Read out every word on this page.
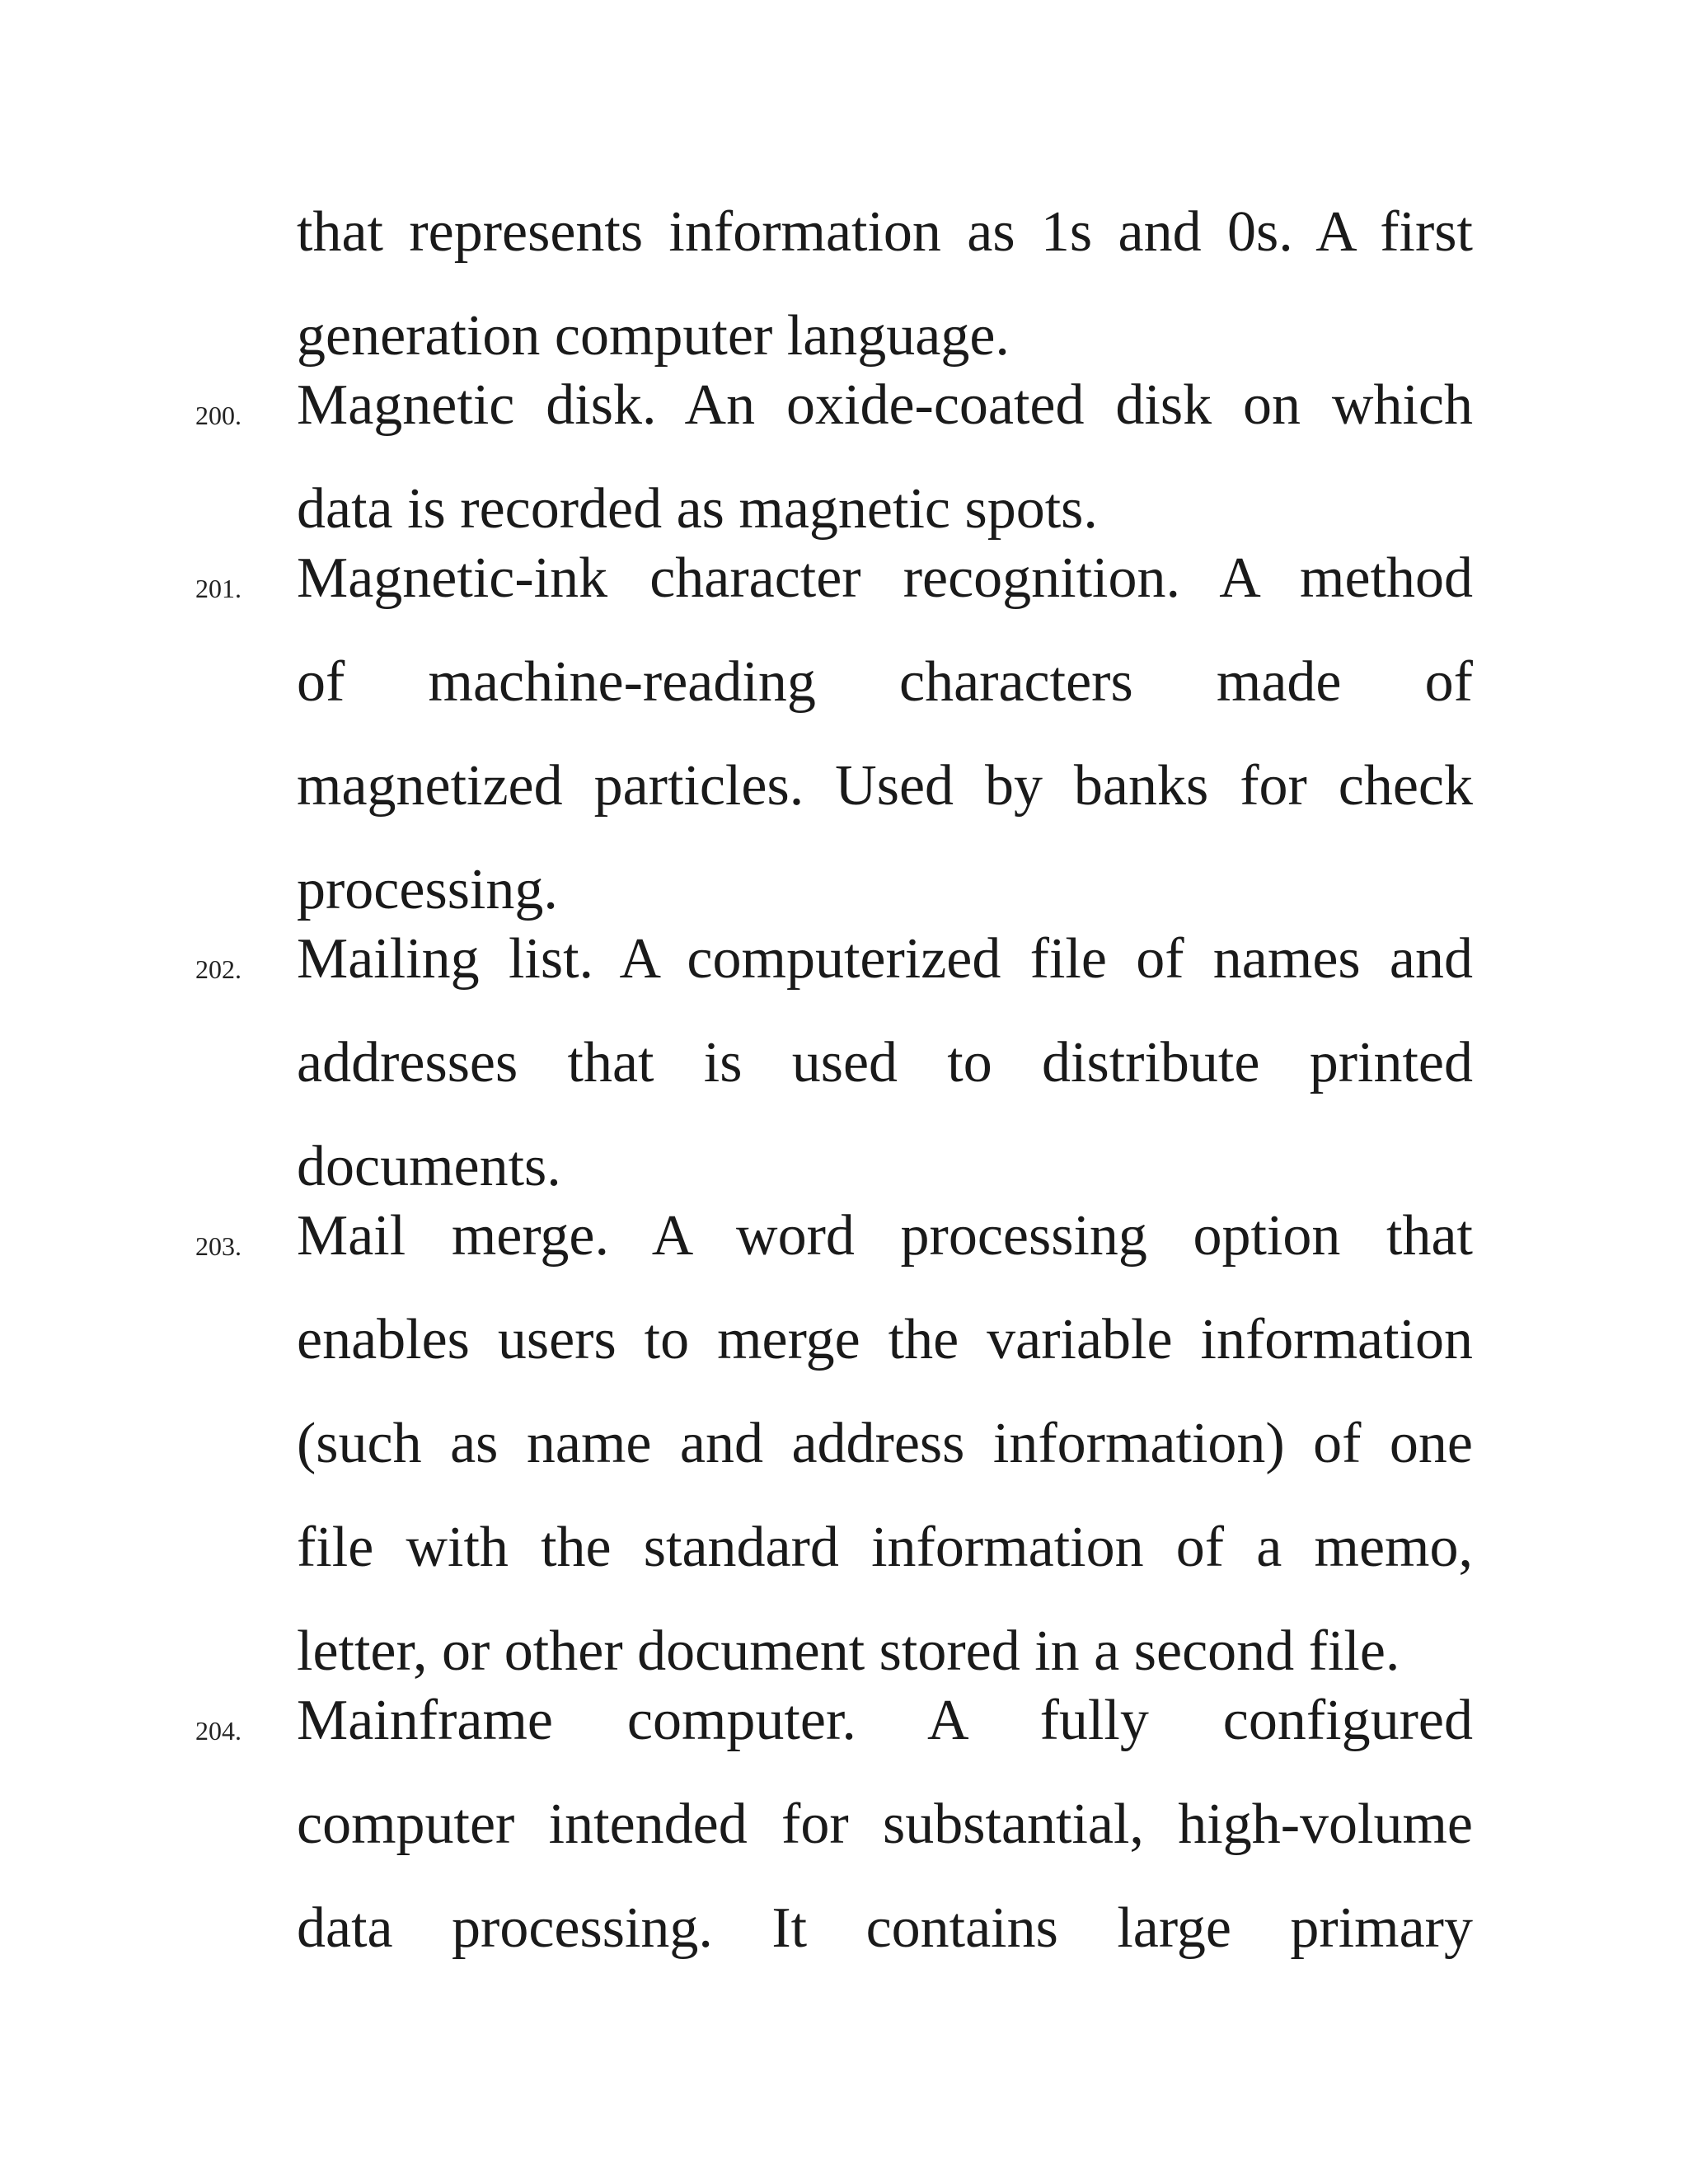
that represents information as 1s and 0s. A first
generation computer language.
200. Magnetic disk. An oxide-coated disk on which
data is recorded as magnetic spots.
201. Magnetic-ink character recognition. A method
of machine-reading characters made of
magnetized particles. Used by banks for check
processing.
202. Mailing list. A computerized file of names and
addresses that is used to distribute printed
documents.
203. Mail merge. A word processing option that
enables users to merge the variable information
(such as name and address information) of one
file with the standard information of a memo,
letter, or other document stored in a second file.
204. Mainframe computer. A fully configured
computer intended for substantial, high-volume
data processing. It contains large primary
